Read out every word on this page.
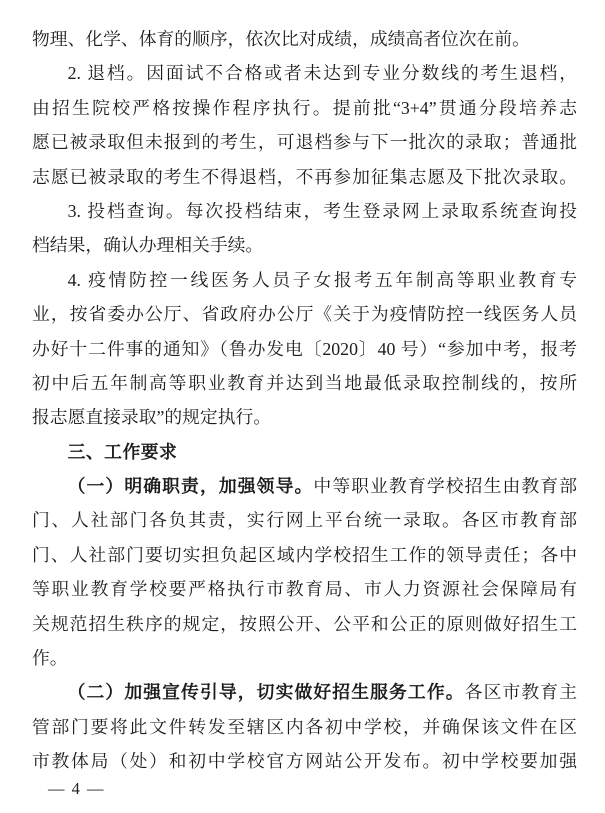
物理、化学、体育的顺序，依次比对成绩，成绩高者位次在前。
2. 退档。因面试不合格或者未达到专业分数线的考生退档，
由招生院校严格按操作程序执行。提前批“3+4”贯通分段培养志
愿已被录取但未报到的考生，可退档参与下一批次的录取；普通批
志愿已被录取的考生不得退档，不再参加征集志愿及下批次录取。
3. 投档查询。每次投档结束，考生登录网上录取系统查询投
档结果，确认办理相关手续。
4. 疫情防控一线医务人员子女报考五年制高等职业教育专
业，按省委办公厅、省政府办公厅《关于为疫情防控一线医务人员
办好十二件事的通知》（鲁办发电〔2020〕40 号）“参加中考，报考
初中后五年制高等职业教育并达到当地最低录取控制线的，按所
报志愿直接录取”的规定执行。
三、工作要求
（一）明确职责，加强领导。中等职业教育学校招生由教育部
门、人社部门各负其责，实行网上平台统一录取。各区市教育部
门、人社部门要切实担负起区域内学校招生工作的领导责任；各中
等职业教育学校要严格执行市教育局、市人力资源社会保障局有
关规范招生秩序的规定，按照公开、公平和公正的原则做好招生工
作。
（二）加强宣传引导，切实做好招生服务工作。各区市教育主
管部门要将此文件转发至辖区内各初中学校，并确保该文件在区
市教体局（处）和初中学校官方网站公开发布。初中学校要加强
— 4 —
